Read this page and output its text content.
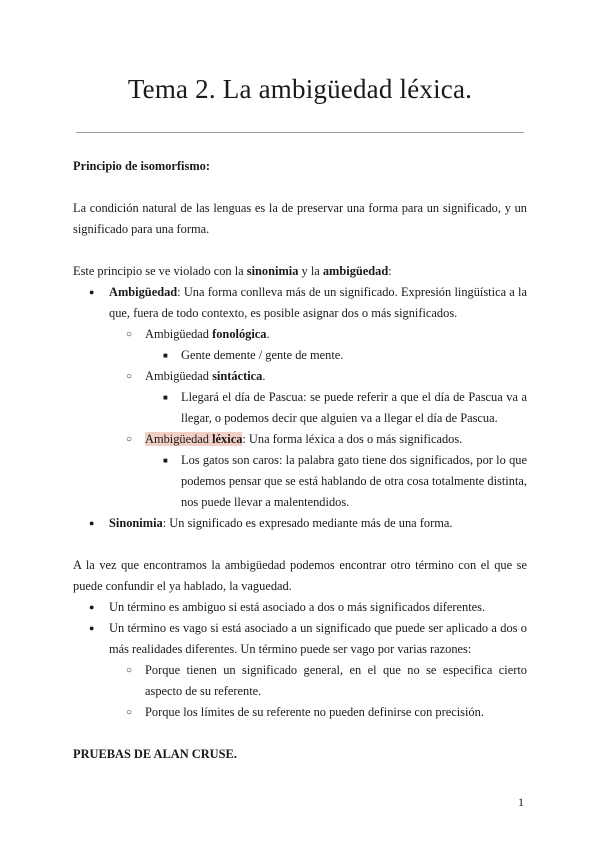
Tema 2. La ambigüedad léxica.

Principio de isomorfismo:

La condición natural de las lenguas es la de preservar una forma para un significado, y un significado para una forma.

Este principio se ve violado con la sinonimia y la ambigüedad:

● Ambigüedad: Una forma conlleva más de un significado. Expresión lingüística a la que, fuera de todo contexto, es posible asignar dos o más significados.

○ Ambigüedad fonológica.

■ Gente demente / gente de mente.

○ Ambigüedad sintáctica.

■ Llegará el día de Pascua: se puede referir a que el día de Pascua va a llegar, o podemos decir que alguien va a llegar el día de Pascua.

○ Ambigüedad léxica: Una forma léxica a dos o más significados.

■ Los gatos son caros: la palabra gato tiene dos significados, por lo que podemos pensar que se está hablando de otra cosa totalmente distinta, nos puede llevar a malentendidos.

● Sinonimia: Un significado es expresado mediante más de una forma.

A la vez que encontramos la ambigüedad podemos encontrar otro término con el que se puede confundir el ya hablado, la vaguedad.

● Un término es ambiguo si está asociado a dos o más significados diferentes.

● Un término es vago si está asociado a un significado que puede ser aplicado a dos o más realidades diferentes. Un término puede ser vago por varias razones:

○ Porque tienen un significado general, en el que no se especifica cierto aspecto de su referente.

○ Porque los límites de su referente no pueden definirse con precisión.

PRUEBAS DE ALAN CRUSE.

1
